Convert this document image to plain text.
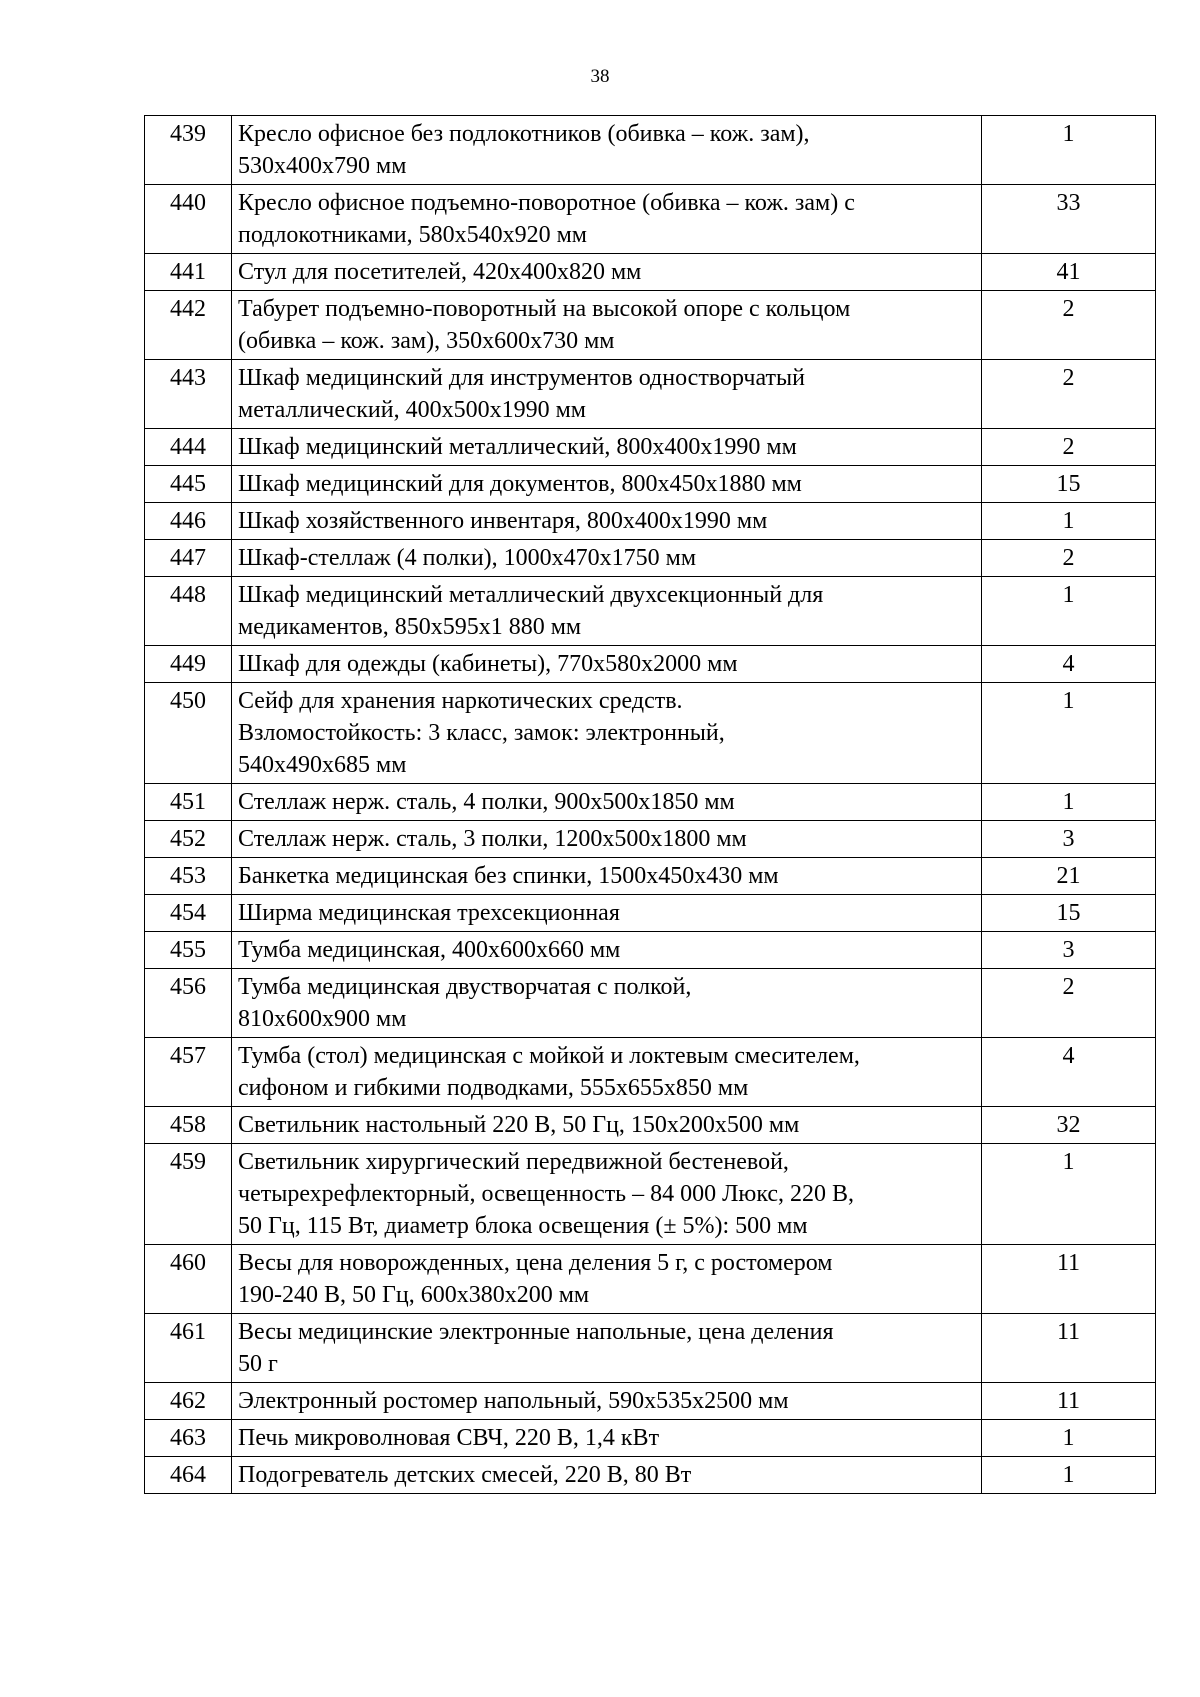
38
439	Кресло офисное без подлокотников (обивка – кож. зам),
530х400х790 мм	1
440	Кресло офисное подъемно-поворотное (обивка – кож. зам) с
подлокотниками, 580х540х920 мм	33
441	Стул для посетителей, 420х400х820 мм	41
442	Табурет подъемно-поворотный на высокой опоре с кольцом
(обивка – кож. зам), 350х600х730 мм	2
443	Шкаф медицинский для инструментов одностворчатый
металлический, 400х500х1990 мм	2
444	Шкаф медицинский металлический, 800х400х1990 мм	2
445	Шкаф медицинский для документов, 800х450х1880 мм	15
446	Шкаф хозяйственного инвентаря, 800х400х1990 мм	1
447	Шкаф-стеллаж (4 полки), 1000х470х1750 мм	2
448	Шкаф медицинский металлический двухсекционный для
медикаментов, 850х595х1 880 мм	1
449	Шкаф для одежды (кабинеты), 770х580х2000 мм	4
450	Сейф для хранения наркотических средств.
Взломостойкость: 3 класс, замок: электронный,
540х490х685 мм	1
451	Стеллаж нерж. сталь, 4 полки, 900х500х1850 мм	1
452	Стеллаж нерж. сталь, 3 полки, 1200х500х1800 мм	3
453	Банкетка медицинская без спинки, 1500х450х430 мм	21
454	Ширма медицинская трехсекционная	15
455	Тумба медицинская, 400х600х660 мм	3
456	Тумба медицинская двустворчатая с полкой,
810х600х900 мм	2
457	Тумба (стол) медицинская с мойкой и локтевым смесителем,
сифоном и гибкими подводками, 555х655х850 мм	4
458	Светильник настольный 220 В, 50 Гц, 150х200х500 мм	32
459	Светильник хирургический передвижной бестеневой,
четырехрефлекторный, освещенность – 84 000 Люкс, 220 В,
50 Гц, 115 Вт, диаметр блока освещения (± 5%): 500 мм	1
460	Весы для новорожденных, цена деления 5 г, с ростомером
190-240 В, 50 Гц, 600х380х200 мм	11
461	Весы медицинские электронные напольные, цена деления
50 г	11
462	Электронный ростомер напольный, 590х535х2500 мм	11
463	Печь микроволновая СВЧ, 220 В, 1,4 кВт	1
464	Подогреватель детских смесей, 220 В, 80 Вт	1
